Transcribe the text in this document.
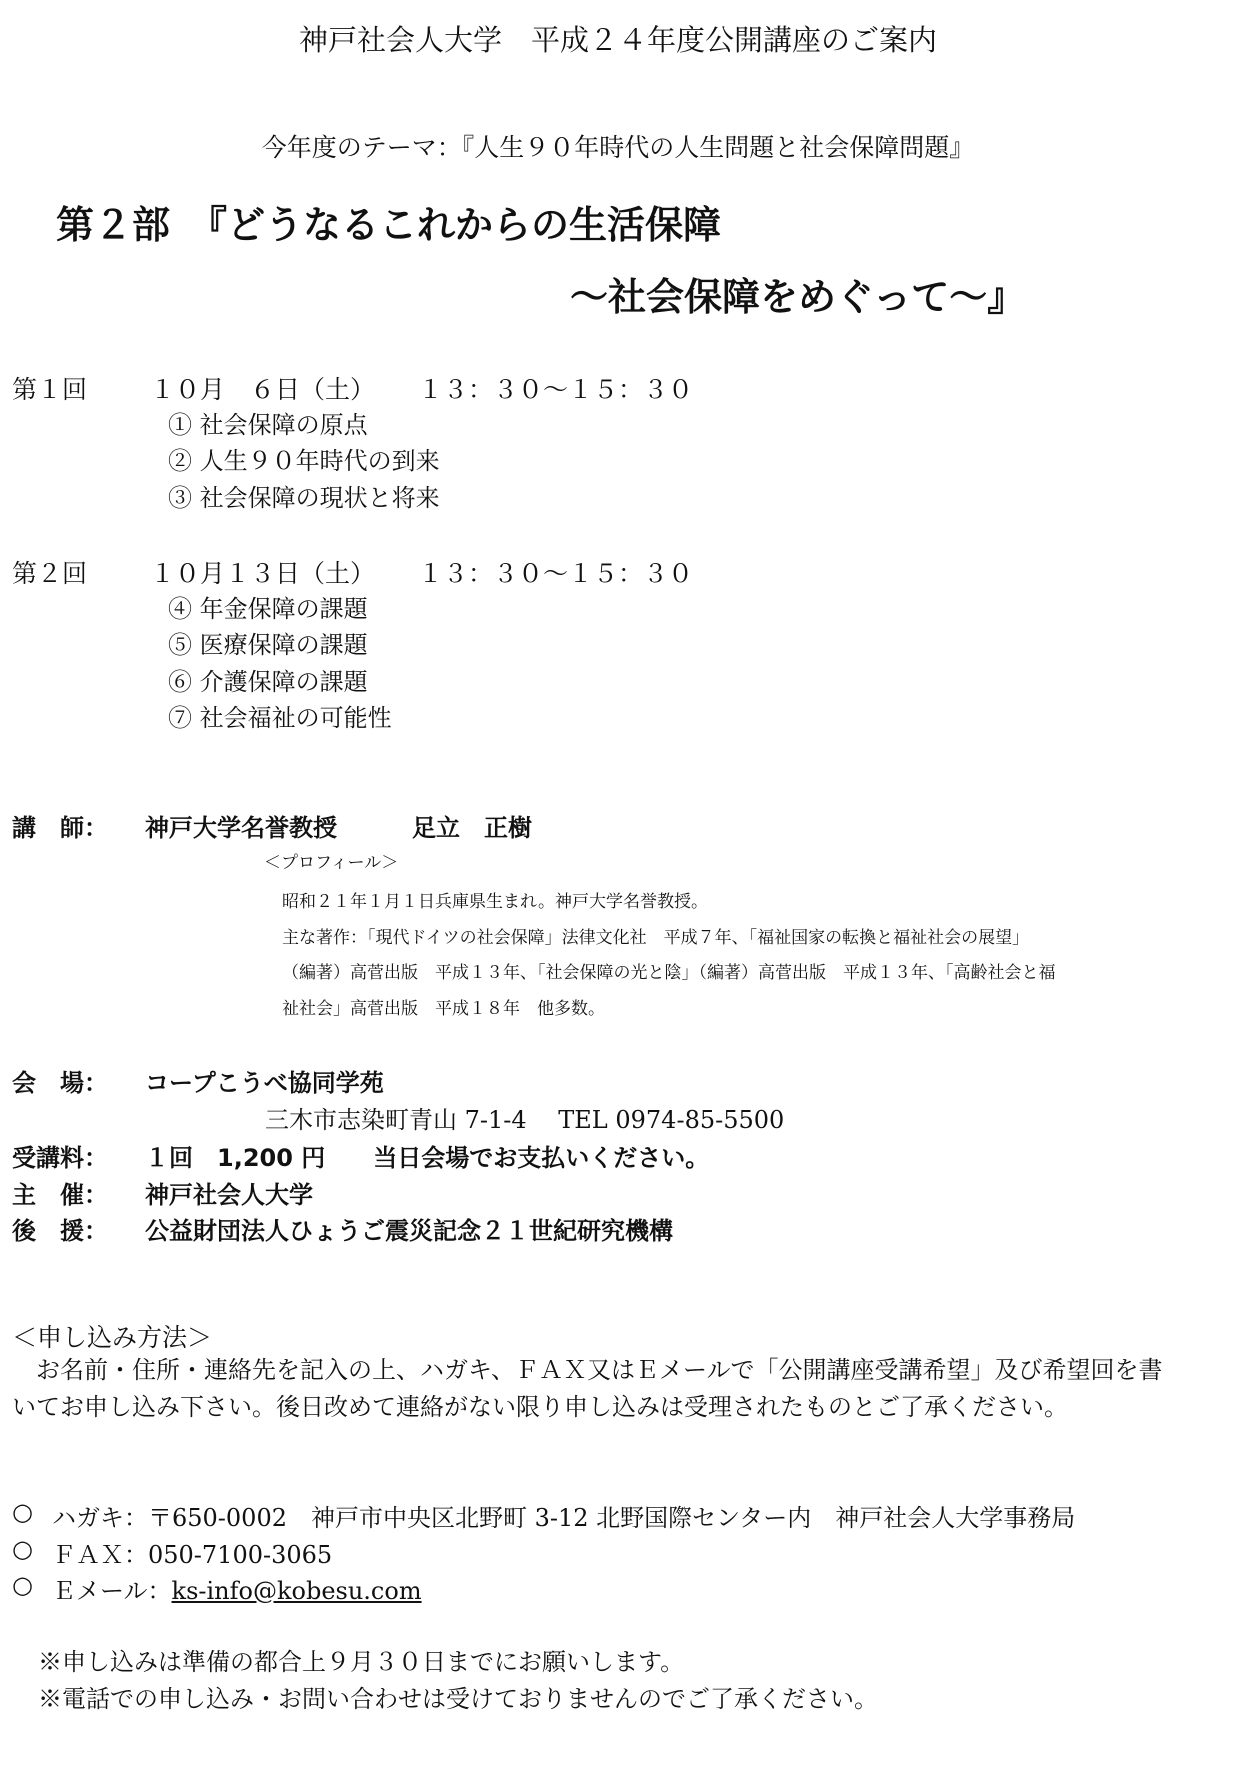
神戸社会人大学　平成２４年度公開講座のご案内
今年度のテーマ：『人生９０年時代の人生問題と社会保障問題』
第２部　『どうなるこれからの生活保障
～社会保障をめぐって～』
第１回	１０月　６日（土） １３：３０～１５：３０
① 社会保障の原点
② 人生９０年時代の到来
③ 社会保障の現状と将来
第２回	１０月１３日（土） １３：３０～１５：３０
④ 年金保障の課題
⑤ 医療保障の課題
⑥ 介護保障の課題
⑦ 社会福祉の可能性
講　師： 神戸大学名誉教授	足立　正樹
＜プロフィール＞
昭和２１年１月１日兵庫県生まれ。神戸大学名誉教授。
主な著作：「現代ドイツの社会保障」法律文化社　平成７年、「福祉国家の転換と福祉社会の展望」
（編著）高菅出版　平成１３年、「社会保障の光と陰」（編著）高菅出版　平成１３年、「高齢社会と福
祉社会」高菅出版　平成１８年　他多数。
会　場： コープこうべ協同学苑
三木市志染町青山 7-1-4　 TEL 0974-85-5500
受講料： １回　1,200 円　　当日会場でお支払いください。
主　催： 神戸社会人大学
後　援： 公益財団法人ひょうご震災記念２１世紀研究機構
＜申し込み方法＞
お名前・住所・連絡先を記入の上、ハガキ、ＦＡＸ又はＥメールで「公開講座受講希望」及び希望回を書いてお申し込み下さい。後日改めて連絡がない限り申し込みは受理されたものとご了承ください。
○ ハガキ：〒650-0002　神戸市中央区北野町 3-12 北野国際センター内　神戸社会人大学事務局
○ ＦＡＸ：050-7100-3065
○ Ｅメール：ks-info@kobesu.com
※申し込みは準備の都合上９月３０日までにお願いします。
※電話での申し込み・お問い合わせは受けておりませんのでご了承ください。
